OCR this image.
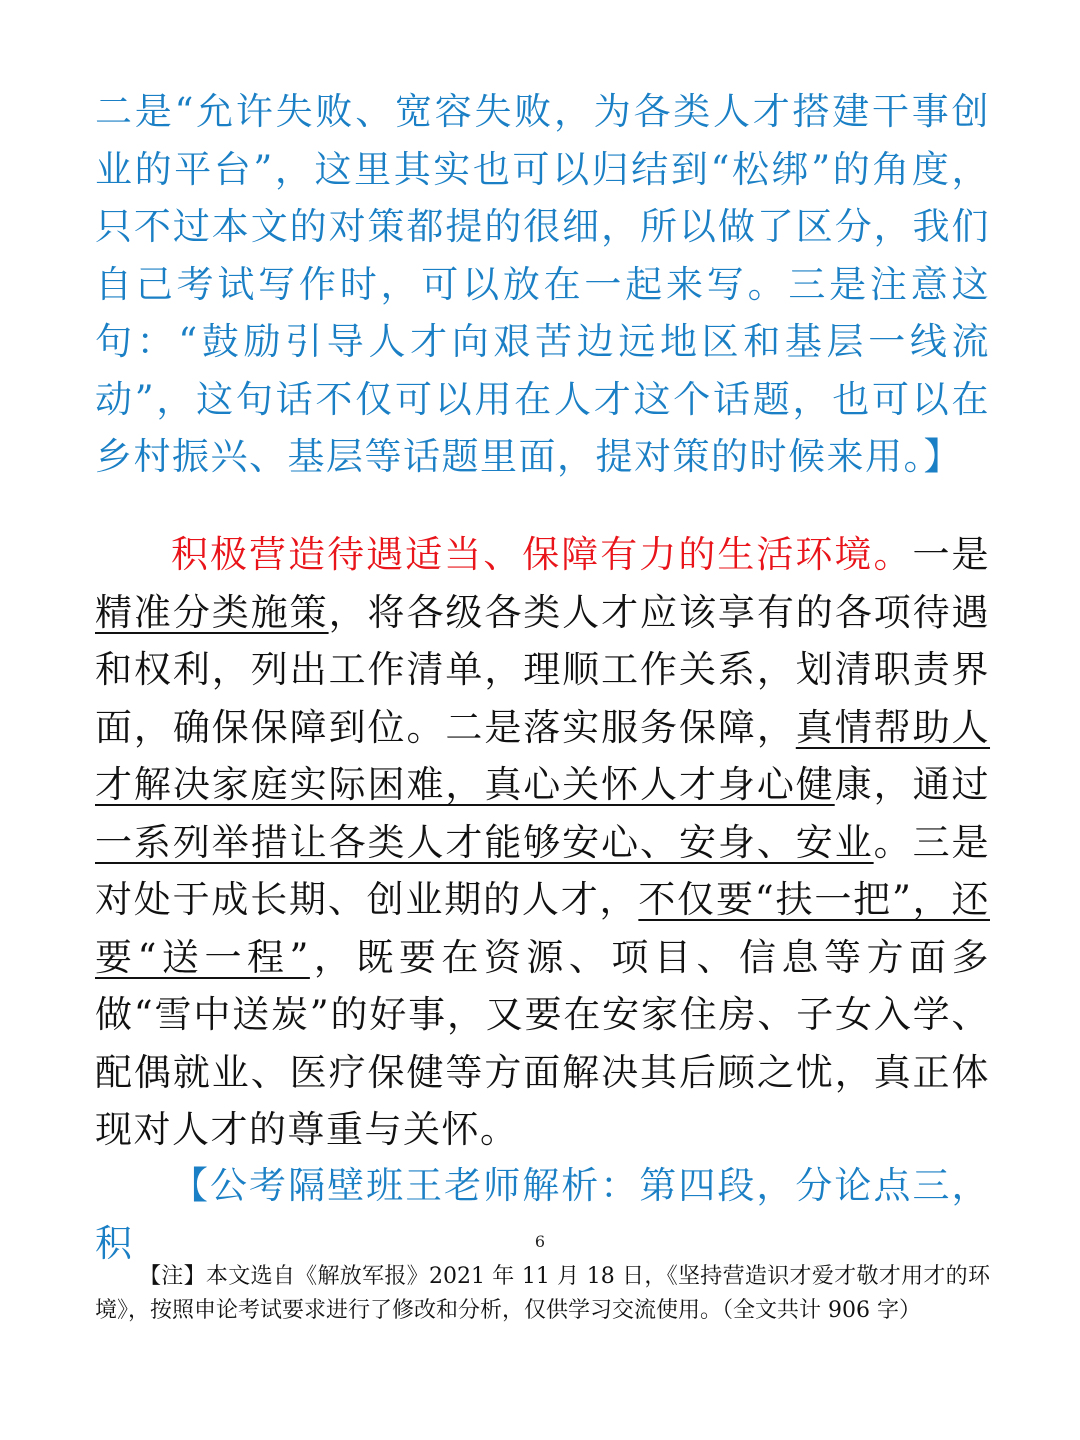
二是“允许失败、宽容失败，为各类人才搭建干事创业的平台”，这里其实也可以归结到“松绑”的角度，只不过本文的对策都提的很细，所以做了区分，我们自己考试写作时，可以放在一起来写。三是注意这句：“鼓励引导人才向艰苦边远地区和基层一线流动”，这句话不仅可以用在人才这个话题，也可以在乡村振兴、基层等话题里面，提对策的时候来用。】
积极营造待遇适当、保障有力的生活环境。一是精准分类施策，将各级各类人才应该享有的各项待遇和权利，列出工作清单，理顺工作关系，划清职责界面，确保保障到位。二是落实服务保障，真情帮助人才解决家庭实际困难，真心关怀人才身心健康，通过一系列举措让各类人才能够安心、安身、安业。三是对处于成长期、创业期的人才，不仅要“扶一把”，还要“送一程”，既要在资源、项目、信息等方面多做“雪中送炭”的好事，又要在安家住房、子女入学、配偶就业、医疗保健等方面解决其后顾之忧，真正体现对人才的尊重与关怀。
【公考隔壁班王老师解析：第四段，分论点三，积	6
【注】本文选自《解放军报》2021 年 11 月 18 日，《坚持营造识才爱才敬才用才的环境》，按照申论考试要求进行了修改和分析，仅供学习交流使用。（全文共计 906 字）
